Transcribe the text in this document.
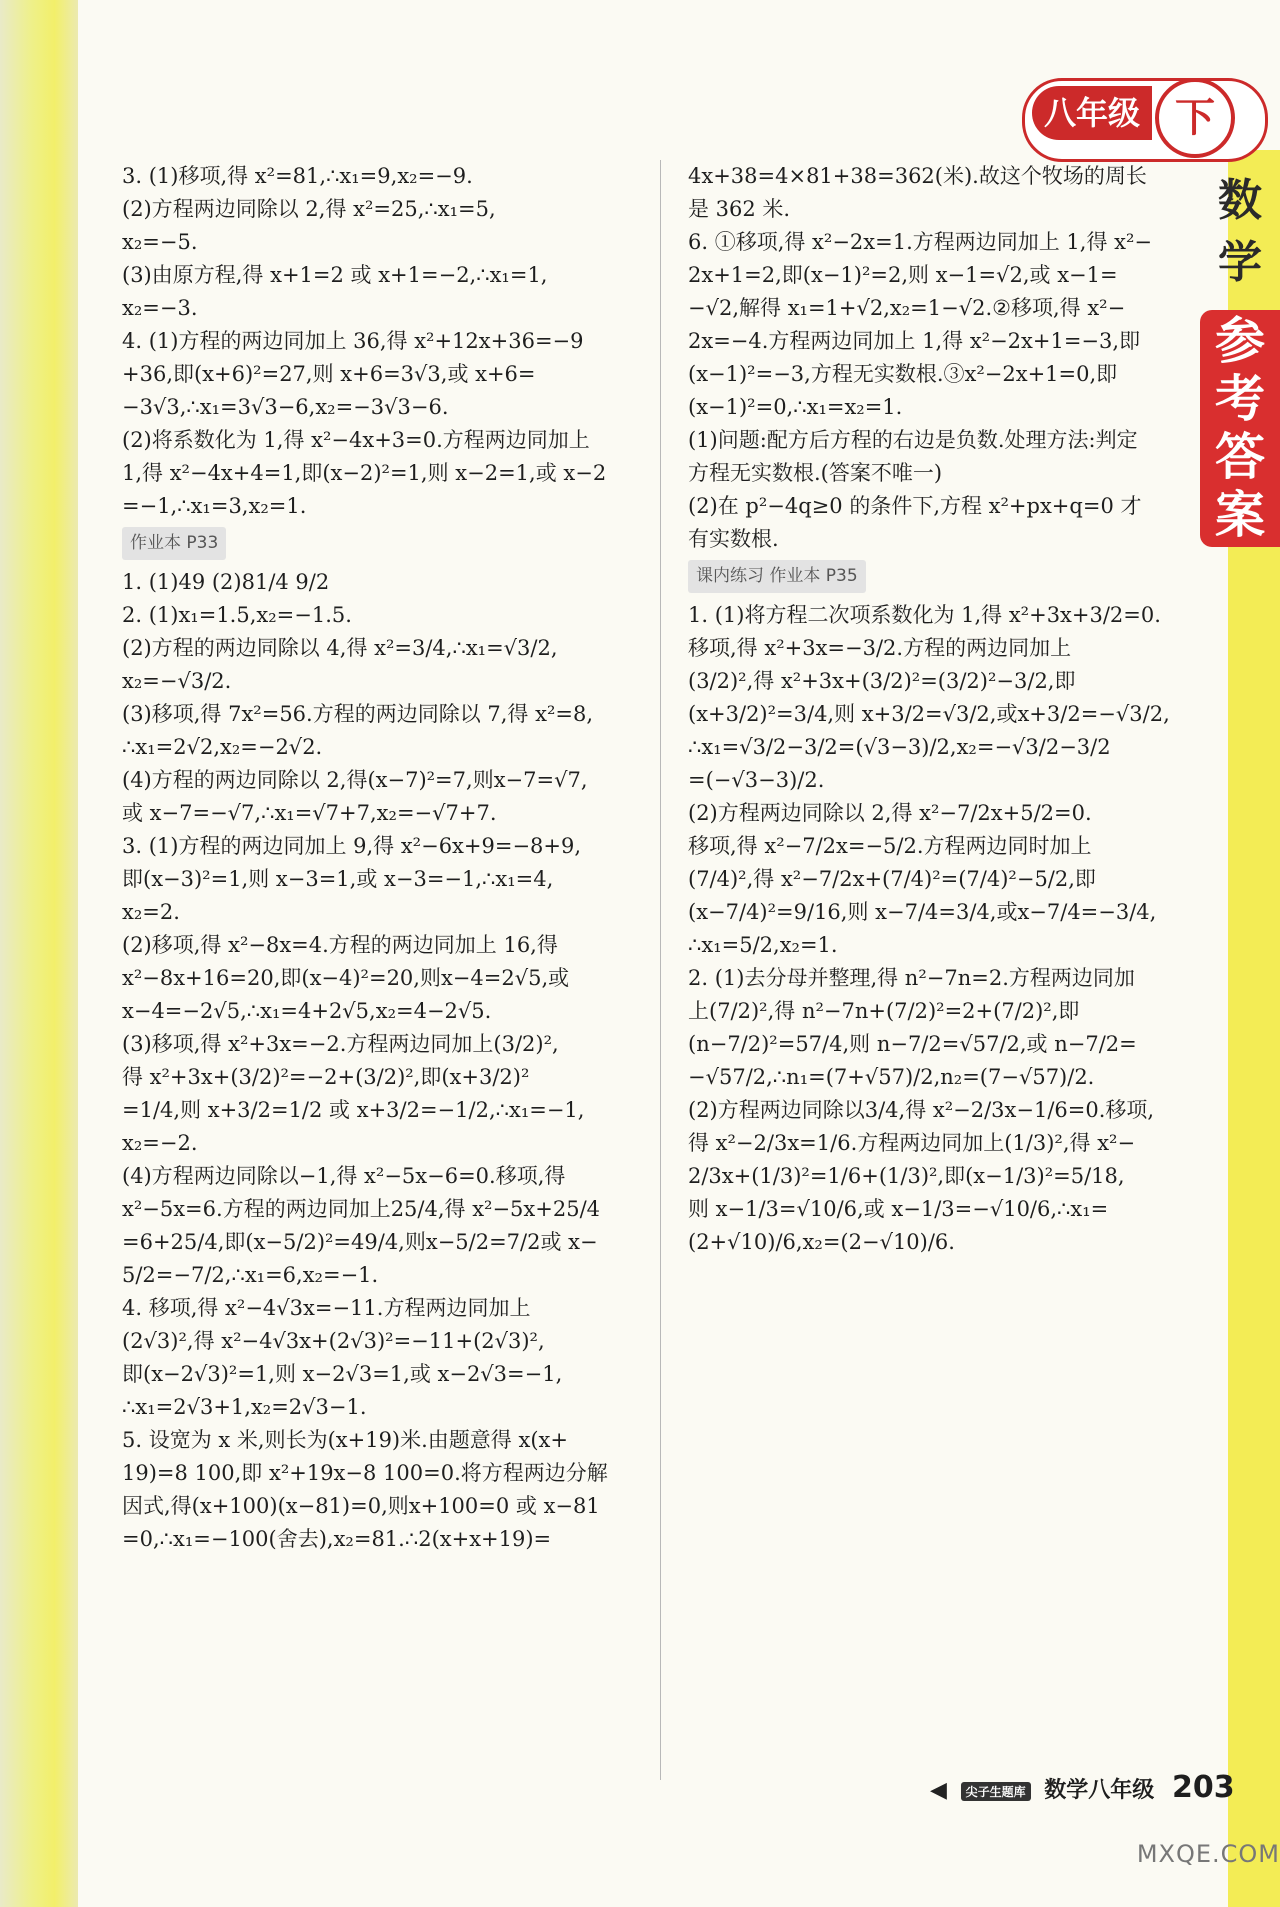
八年级 下
数
学
参
考
答
案
3. (1)移项,得 x²=81,∴x₁=9,x₂=−9.
(2)方程两边同除以 2,得 x²=25,∴x₁=5,
x₂=−5.
(3)由原方程,得 x+1=2 或 x+1=−2,∴x₁=1,
x₂=−3.
4. (1)方程的两边同加上 36,得 x²+12x+36=−9
+36,即(x+6)²=27,则 x+6=3√3,或 x+6=
−3√3,∴x₁=3√3−6,x₂=−3√3−6.
(2)将系数化为 1,得 x²−4x+3=0.方程两边同加上
1,得 x²−4x+4=1,即(x−2)²=1,则 x−2=1,或 x−2
=−1,∴x₁=3,x₂=1.
作业本 P33
1. (1)49 (2)81/4 9/2
2. (1)x₁=1.5,x₂=−1.5.
(2)方程的两边同除以 4,得 x²=3/4,∴x₁=√3/2,
x₂=−√3/2.
(3)移项,得 7x²=56.方程的两边同除以 7,得 x²=8,
∴x₁=2√2,x₂=−2√2.
(4)方程的两边同除以 2,得(x−7)²=7,则x−7=√7,
或 x−7=−√7,∴x₁=√7+7,x₂=−√7+7.
3. (1)方程的两边同加上 9,得 x²−6x+9=−8+9,
即(x−3)²=1,则 x−3=1,或 x−3=−1,∴x₁=4,
x₂=2.
(2)移项,得 x²−8x=4.方程的两边同加上 16,得
x²−8x+16=20,即(x−4)²=20,则x−4=2√5,或
x−4=−2√5,∴x₁=4+2√5,x₂=4−2√5.
(3)移项,得 x²+3x=−2.方程两边同加上(3/2)²,
得 x²+3x+(3/2)²=−2+(3/2)²,即(x+3/2)²
=1/4,则 x+3/2=1/2 或 x+3/2=−1/2,∴x₁=−1,
x₂=−2.
(4)方程两边同除以−1,得 x²−5x−6=0.移项,得
x²−5x=6.方程的两边同加上25/4,得 x²−5x+25/4
=6+25/4,即(x−5/2)²=49/4,则x−5/2=7/2或 x−
5/2=−7/2,∴x₁=6,x₂=−1.
4. 移项,得 x²−4√3x=−11.方程两边同加上
(2√3)²,得 x²−4√3x+(2√3)²=−11+(2√3)²,
即(x−2√3)²=1,则 x−2√3=1,或 x−2√3=−1,
∴x₁=2√3+1,x₂=2√3−1.
5. 设宽为 x 米,则长为(x+19)米.由题意得 x(x+
19)=8 100,即 x²+19x−8 100=0.将方程两边分解
因式,得(x+100)(x−81)=0,则x+100=0 或 x−81
=0,∴x₁=−100(舍去),x₂=81.∴2(x+x+19)=
4x+38=4×81+38=362(米).故这个牧场的周长
是 362 米.
6. ①移项,得 x²−2x=1.方程两边同加上 1,得 x²−
2x+1=2,即(x−1)²=2,则 x−1=√2,或 x−1=
−√2,解得 x₁=1+√2,x₂=1−√2.②移项,得 x²−
2x=−4.方程两边同加上 1,得 x²−2x+1=−3,即
(x−1)²=−3,方程无实数根.③x²−2x+1=0,即
(x−1)²=0,∴x₁=x₂=1.
(1)问题:配方后方程的右边是负数.处理方法:判定
方程无实数根.(答案不唯一)
(2)在 p²−4q≥0 的条件下,方程 x²+px+q=0 才
有实数根.
课内练习 作业本 P35
1. (1)将方程二次项系数化为 1,得 x²+3x+3/2=0.
移项,得 x²+3x=−3/2.方程的两边同加上
(3/2)²,得 x²+3x+(3/2)²=(3/2)²−3/2,即
(x+3/2)²=3/4,则 x+3/2=√3/2,或x+3/2=−√3/2,
∴x₁=√3/2−3/2=(√3−3)/2,x₂=−√3/2−3/2
=(−√3−3)/2.
(2)方程两边同除以 2,得 x²−7/2x+5/2=0.
移项,得 x²−7/2x=−5/2.方程两边同时加上
(7/4)²,得 x²−7/2x+(7/4)²=(7/4)²−5/2,即
(x−7/4)²=9/16,则 x−7/4=3/4,或x−7/4=−3/4,
∴x₁=5/2,x₂=1.
2. (1)去分母并整理,得 n²−7n=2.方程两边同加
上(7/2)²,得 n²−7n+(7/2)²=2+(7/2)²,即
(n−7/2)²=57/4,则 n−7/2=√57/2,或 n−7/2=
−√57/2,∴n₁=(7+√57)/2,n₂=(7−√57)/2.
(2)方程两边同除以3/4,得 x²−2/3x−1/6=0.移项,
得 x²−2/3x=1/6.方程两边同加上(1/3)²,得 x²−
2/3x+(1/3)²=1/6+(1/3)²,即(x−1/3)²=5/18,
则 x−1/3=√10/6,或 x−1/3=−√10/6,∴x₁=
(2+√10)/6,x₂=(2−√10)/6.
◀ 尖子生题库 数学八年级 203
MXQE.COM
